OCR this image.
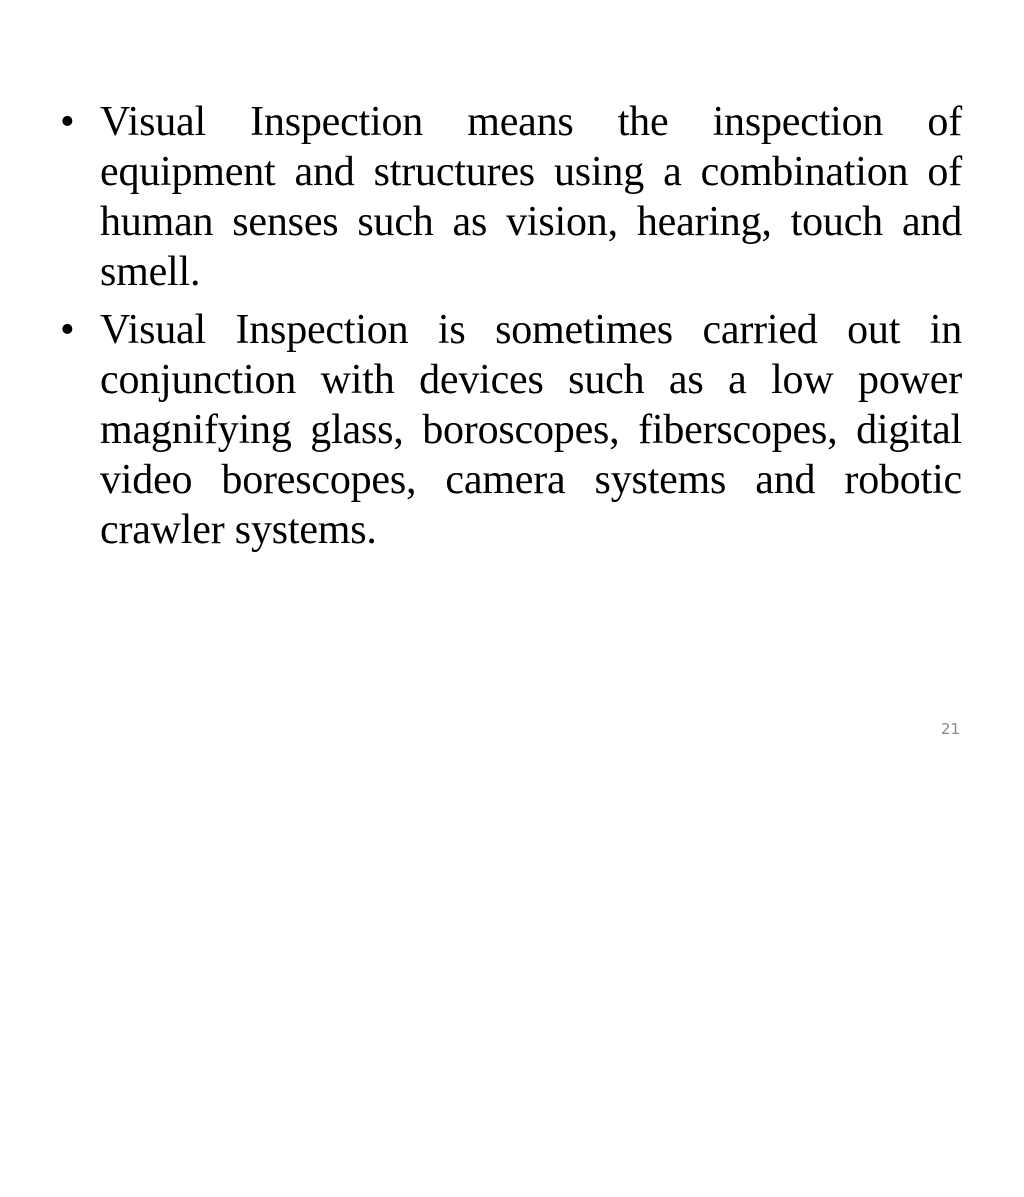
• Visual Inspection means the inspection of equipment and structures using a combination of human senses such as vision, hearing, touch and smell.
• Visual Inspection is sometimes carried out in conjunction with devices such as a low power magnifying glass, boroscopes, fiberscopes, digital video borescopes, camera systems and robotic crawler systems.
21
